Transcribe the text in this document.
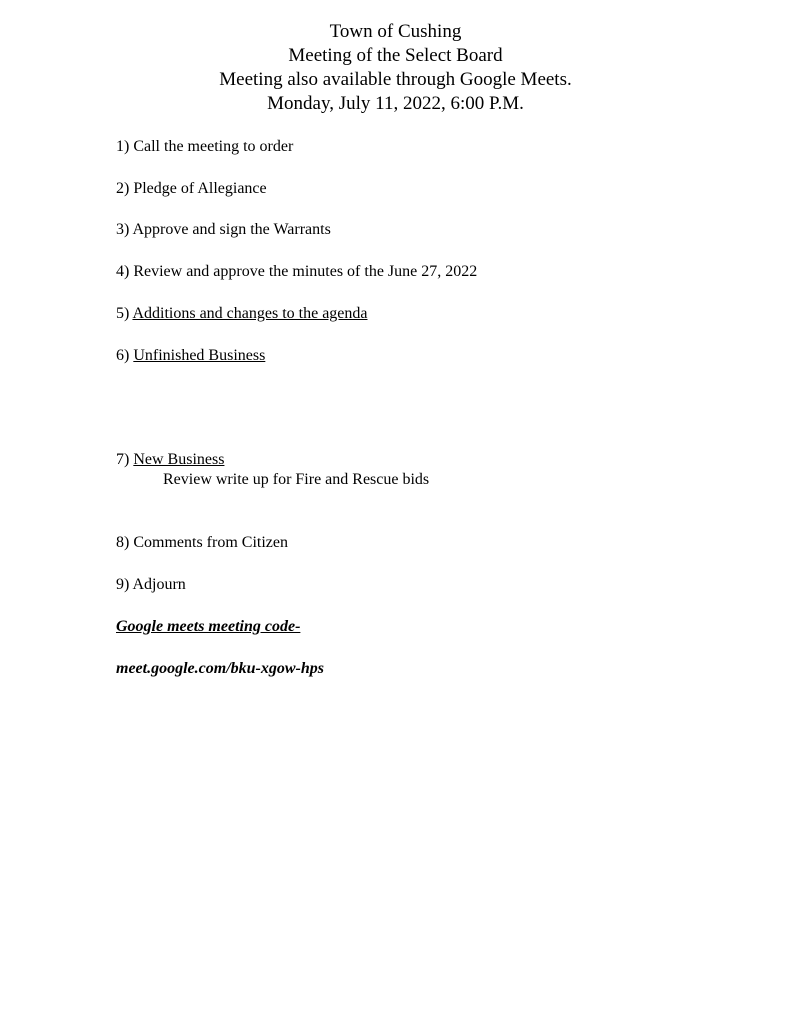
Town of Cushing
Meeting of the Select Board
Meeting also available through Google Meets.
Monday, July 11, 2022, 6:00 P.M.
1) Call the meeting to order
2) Pledge of Allegiance
3) Approve and sign the Warrants
4) Review and approve the minutes of the June 27, 2022
5) Additions and changes to the agenda
6) Unfinished Business
7) New Business
Review write up for Fire and Rescue bids
8) Comments from Citizen
9) Adjourn
Google meets meeting code-
meet.google.com/bku-xgow-hps
